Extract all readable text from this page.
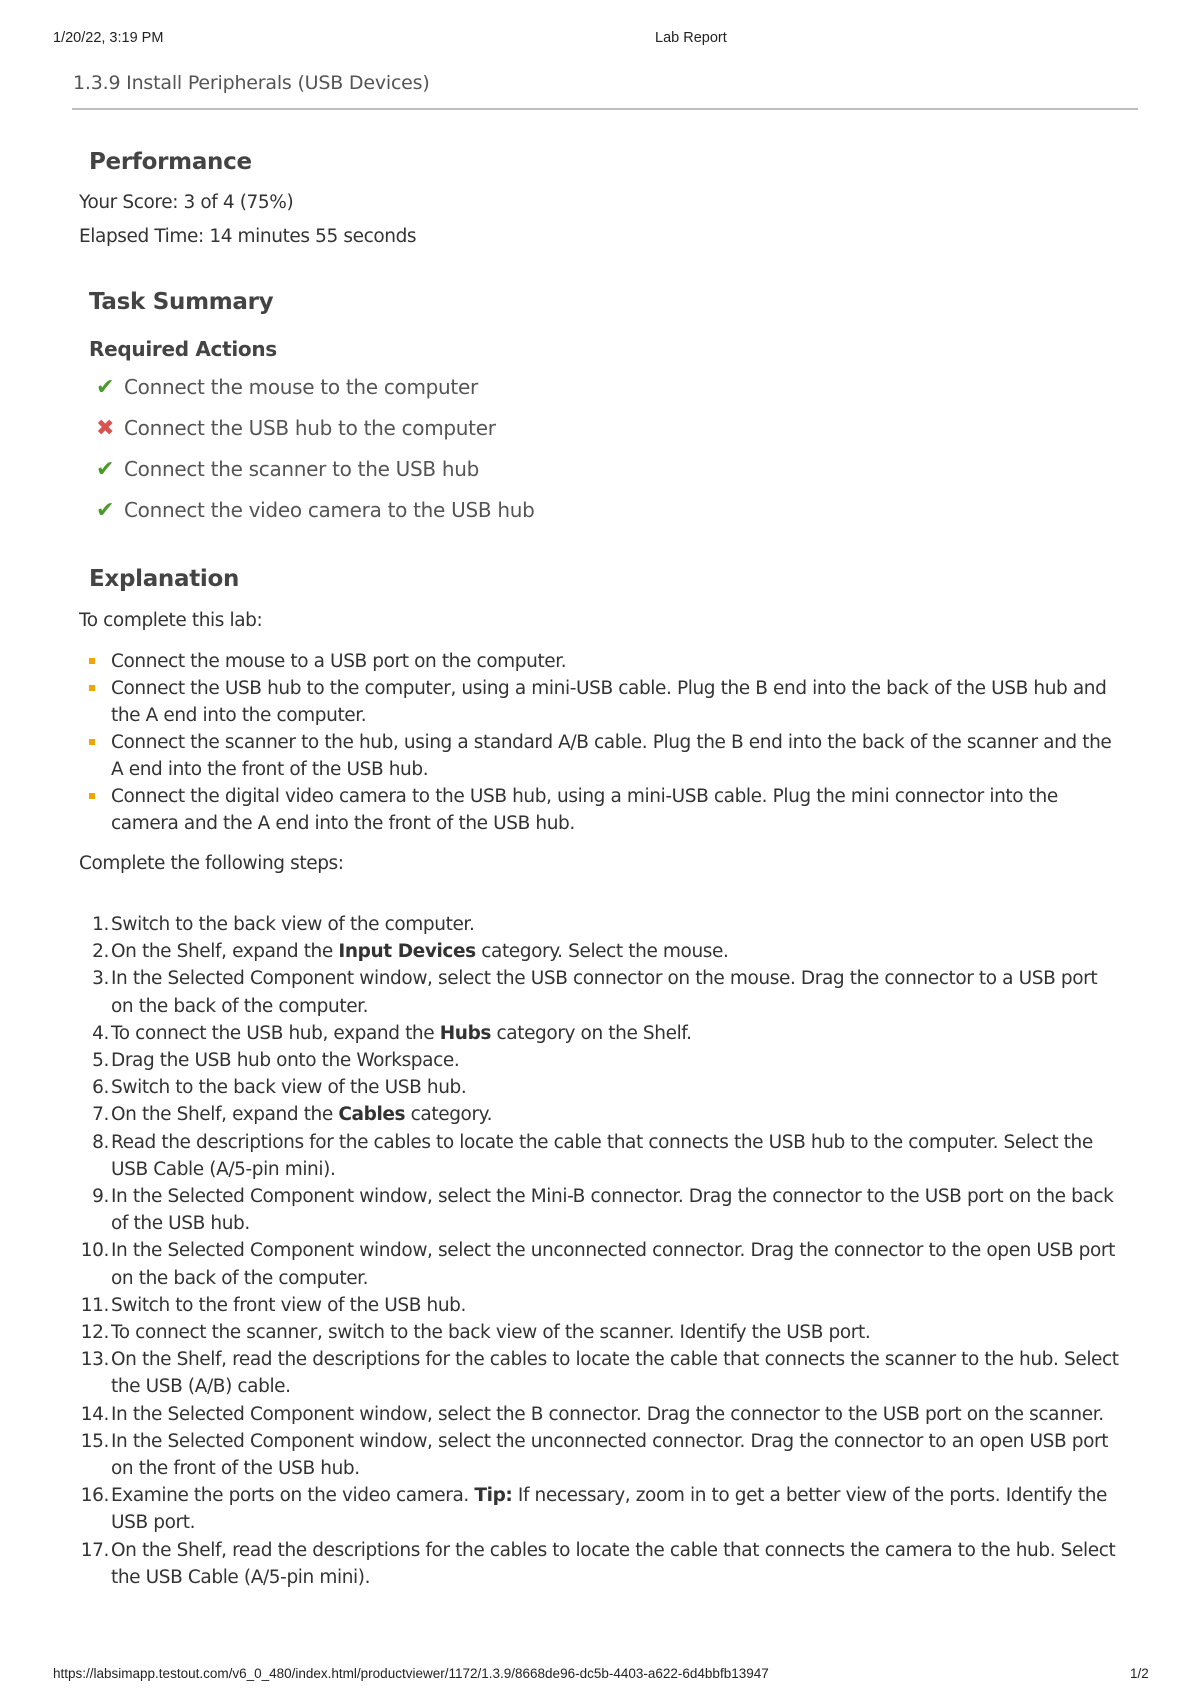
1/20/22, 3:19 PM	Lab Report
1.3.9 Install Peripherals (USB Devices)
Performance
Your Score: 3 of 4 (75%)
Elapsed Time: 14 minutes 55 seconds
Task Summary
Required Actions
✔ Connect the mouse to the computer
✖ Connect the USB hub to the computer
✔ Connect the scanner to the USB hub
✔ Connect the video camera to the USB hub
Explanation
To complete this lab:
Connect the mouse to a USB port on the computer.
Connect the USB hub to the computer, using a mini-USB cable. Plug the B end into the back of the USB hub and the A end into the computer.
Connect the scanner to the hub, using a standard A/B cable. Plug the B end into the back of the scanner and the A end into the front of the USB hub.
Connect the digital video camera to the USB hub, using a mini-USB cable. Plug the mini connector into the camera and the A end into the front of the USB hub.
Complete the following steps:
1. Switch to the back view of the computer.
2. On the Shelf, expand the Input Devices category. Select the mouse.
3. In the Selected Component window, select the USB connector on the mouse. Drag the connector to a USB port on the back of the computer.
4. To connect the USB hub, expand the Hubs category on the Shelf.
5. Drag the USB hub onto the Workspace.
6. Switch to the back view of the USB hub.
7. On the Shelf, expand the Cables category.
8. Read the descriptions for the cables to locate the cable that connects the USB hub to the computer. Select the USB Cable (A/5-pin mini).
9. In the Selected Component window, select the Mini-B connector. Drag the connector to the USB port on the back of the USB hub.
10. In the Selected Component window, select the unconnected connector. Drag the connector to the open USB port on the back of the computer.
11. Switch to the front view of the USB hub.
12. To connect the scanner, switch to the back view of the scanner. Identify the USB port.
13. On the Shelf, read the descriptions for the cables to locate the cable that connects the scanner to the hub. Select the USB (A/B) cable.
14. In the Selected Component window, select the B connector. Drag the connector to the USB port on the scanner.
15. In the Selected Component window, select the unconnected connector. Drag the connector to an open USB port on the front of the USB hub.
16. Examine the ports on the video camera. Tip: If necessary, zoom in to get a better view of the ports. Identify the USB port.
17. On the Shelf, read the descriptions for the cables to locate the cable that connects the camera to the hub. Select the USB Cable (A/5-pin mini).
https://labsimapp.testout.com/v6_0_480/index.html/productviewer/1172/1.3.9/8668de96-dc5b-4403-a622-6d4bbfb13947	1/2
